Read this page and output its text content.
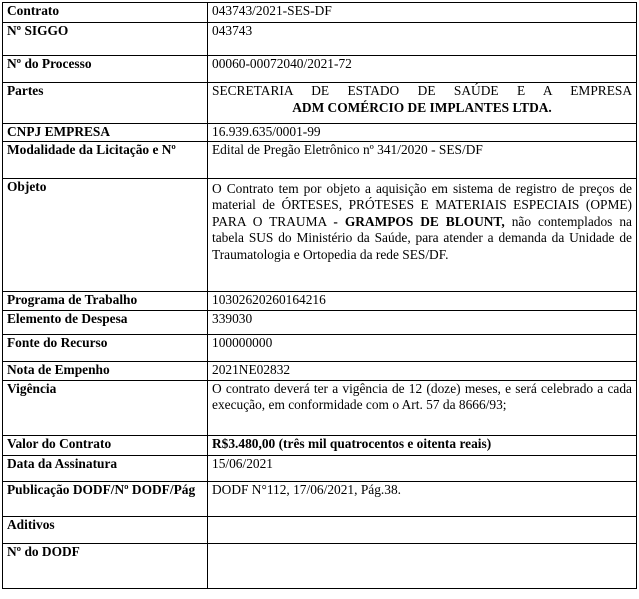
Contrato	043743/2021-SES-DF
Nº SIGGO	043743
Nº do Processo	00060-00072040/2021-72
Partes	SECRETARIA DE ESTADO DE SAÚDE E A EMPRESA
ADM COMÉRCIO DE IMPLANTES LTDA.

CNPJ EMPRESA	16.939.635/0001-99
Modalidade da Licitação e Nº	Edital de Pregão Eletrônico nº 341/2020 - SES/DF
Objeto	O Contrato tem por objeto a aquisição em sistema de registro de preços de material de ÓRTESES, PRÓTESES E MATERIAIS ESPECIAIS (OPME) PARA O TRAUMA - GRAMPOS DE BLOUNT, não contemplados na tabela SUS do Ministério da Saúde, para atender a demanda da Unidade de Traumatologia e Ortopedia da rede SES/DF.
Programa de Trabalho	10302620260164216
Elemento de Despesa	339030
Fonte do Recurso	100000000
Nota de Empenho	2021NE02832
Vigência	O contrato deverá ter a vigência de 12 (doze) meses, e será celebrado a cada execução, em conformidade com o Art. 57 da 8666/93;
Valor do Contrato	R$3.480,00 (três mil quatrocentos e oitenta reais)
Data da Assinatura	15/06/2021
Publicação DODF/Nº DODF/Pág	DODF N°112, 17/06/2021, Pág.38.
Aditivos	
Nº do DODF	
